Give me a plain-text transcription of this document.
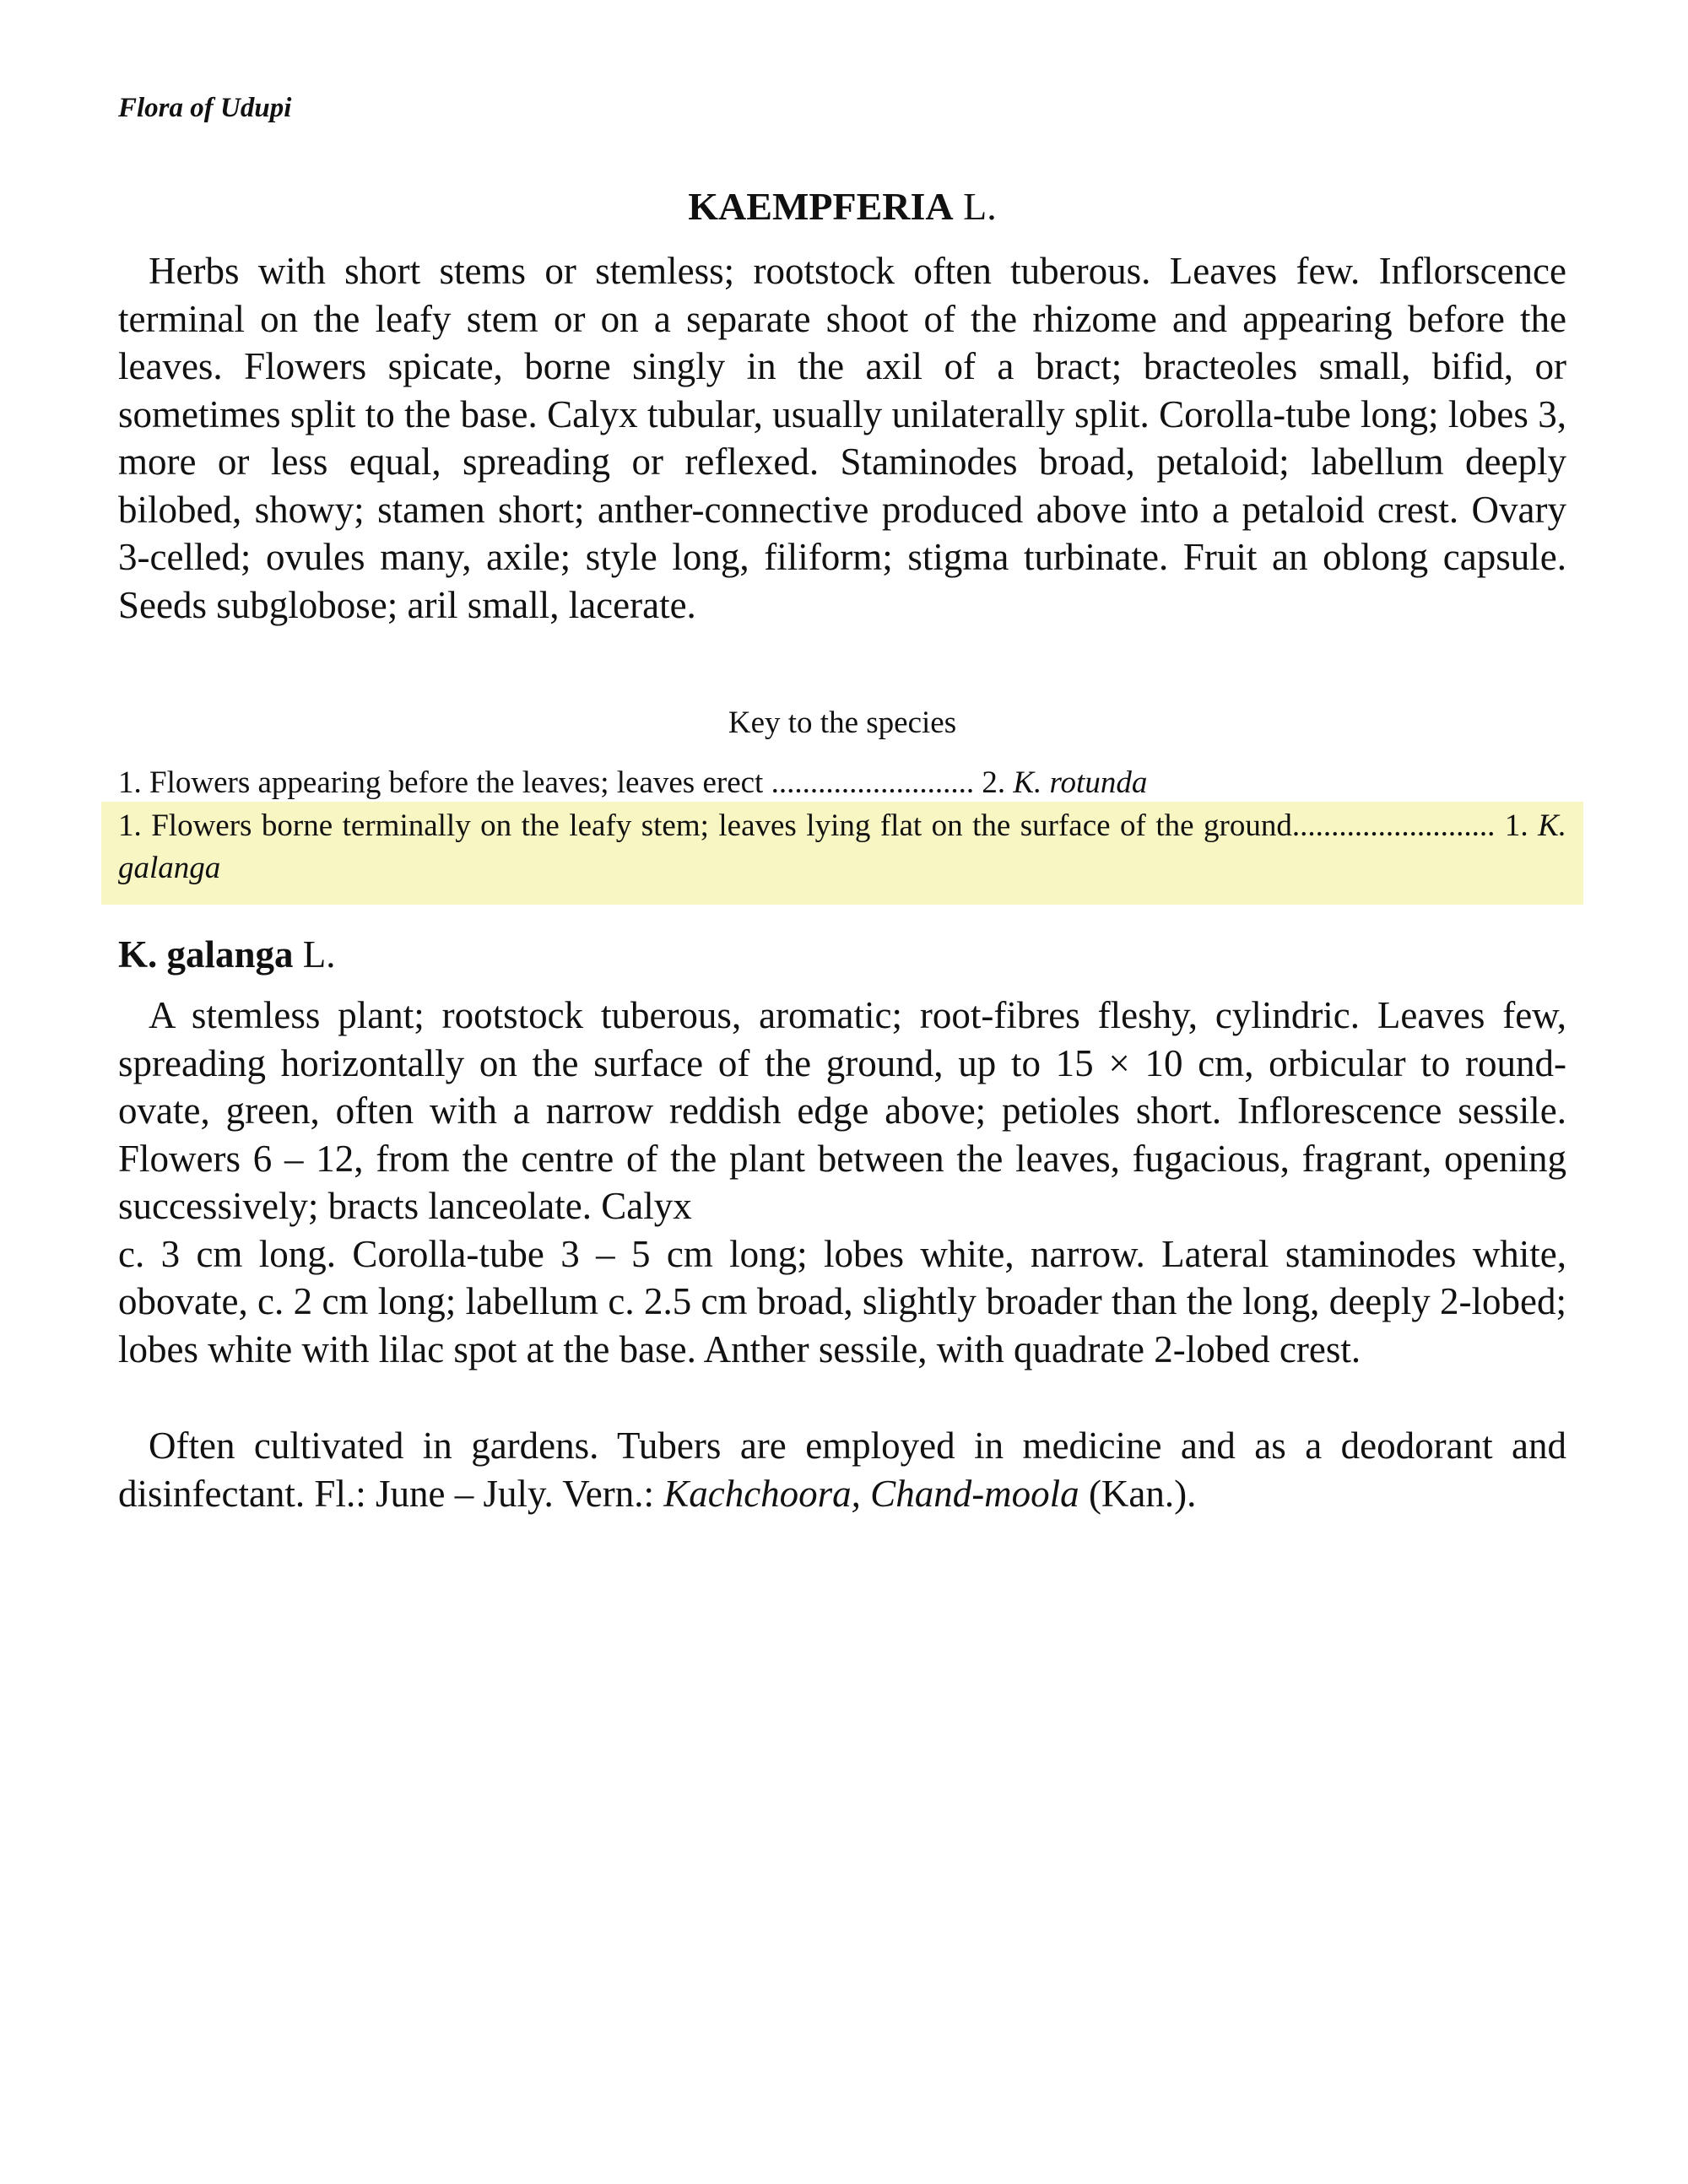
Flora of Udupi
KAEMPFERIA L.

Herbs with short stems or stemless; rootstock often tuberous. Leaves few. Inflorscence terminal on the leafy stem or on a separate shoot of the rhizome and appearing before the leaves. Flowers spicate, borne singly in the axil of a bract; bracteoles small, bifid, or sometimes split to the base. Calyx tubular, usually unilaterally split. Corolla-tube long; lobes 3, more or less equal, spreading or reflexed. Staminodes broad, petaloid; labellum deeply bilobed, showy; stamen short; anther-connective produced above into a petaloid crest. Ovary 3-celled; ovules many, axile; style long, filiform; stigma turbinate. Fruit an oblong capsule. Seeds subglobose; aril small, lacerate.

Key to the species

1. Flowers appearing before the leaves; leaves erect .......................... 2. K. rotunda

1. Flowers borne terminally on the leafy stem; leaves lying flat on the surface of the ground.......................... 1. K. galanga

K. galanga L.

A stemless plant; rootstock tuberous, aromatic; root-fibres fleshy, cylindric. Leaves few, spreading horizontally on the surface of the ground, up to 15 × 10 cm, orbicular to round-ovate, green, often with a narrow reddish edge above; petioles short. Inflorescence sessile. Flowers 6 – 12, from the centre of the plant between the leaves, fugacious, fragrant, opening successively; bracts lanceolate. Calyx

c. 3 cm long. Corolla-tube 3 – 5 cm long; lobes white, narrow. Lateral staminodes white, obovate, c. 2 cm long; labellum c. 2.5 cm broad, slightly broader than the long, deeply 2-lobed; lobes white with lilac spot at the base. Anther sessile, with quadrate 2-lobed crest.

Often cultivated in gardens. Tubers are employed in medicine and as a deodorant and disinfectant. Fl.: June – July. Vern.: Kachchoora, Chand-moola (Kan.).
